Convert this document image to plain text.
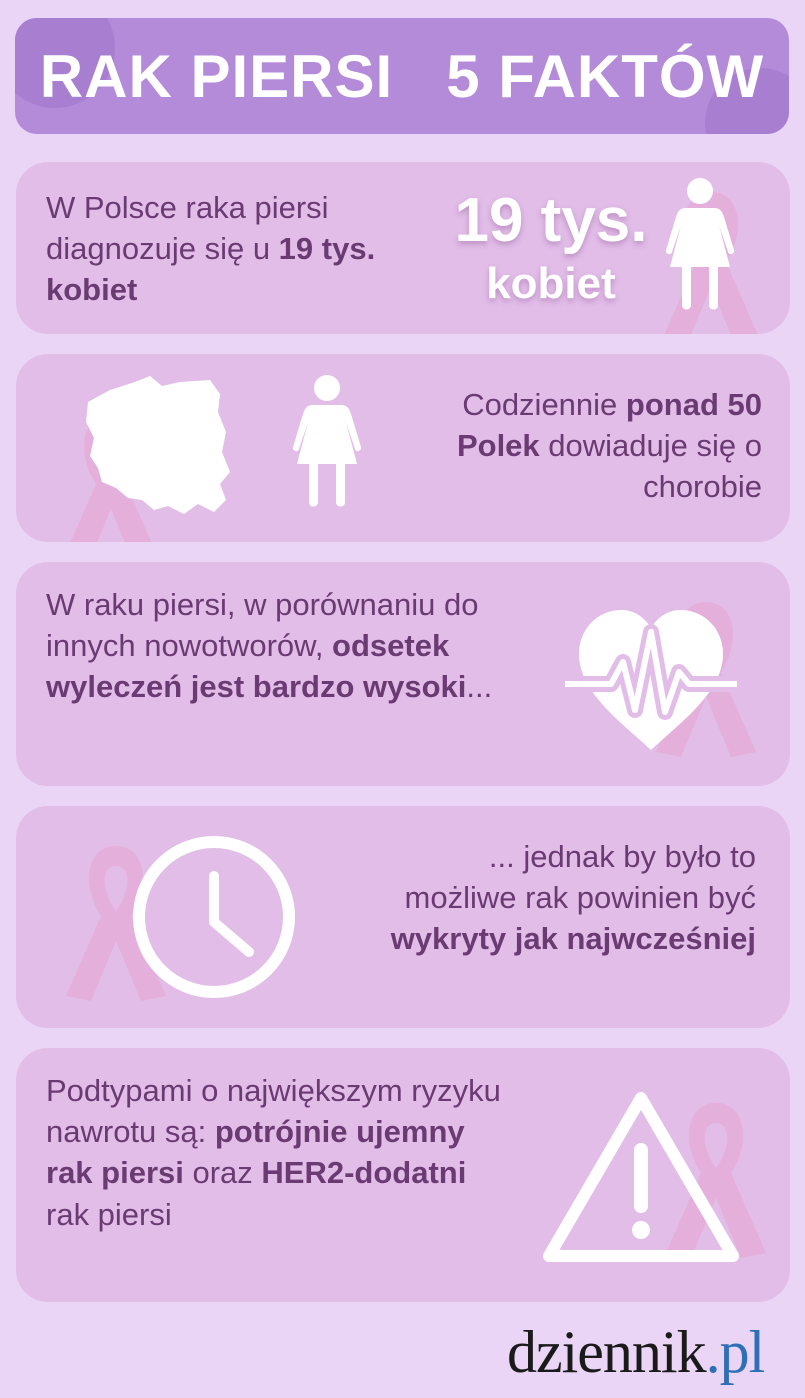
RAK PIERSI   5 FAKTÓW
W Polsce raka piersi diagnozuje się u 19 tys. kobiet
19 tys.
kobiet
Codziennie ponad 50 Polek dowiaduje się o chorobie
W raku piersi, w porównaniu do innych nowotworów, odsetek wyleczeń jest bardzo wysoki...
... jednak by było to możliwe rak powinien być wykryty jak najwcześniej
Podtypami o największym ryzyku nawrotu są: potrójnie ujemny rak piersi oraz HER2-dodatni rak piersi
dziennik.pl
